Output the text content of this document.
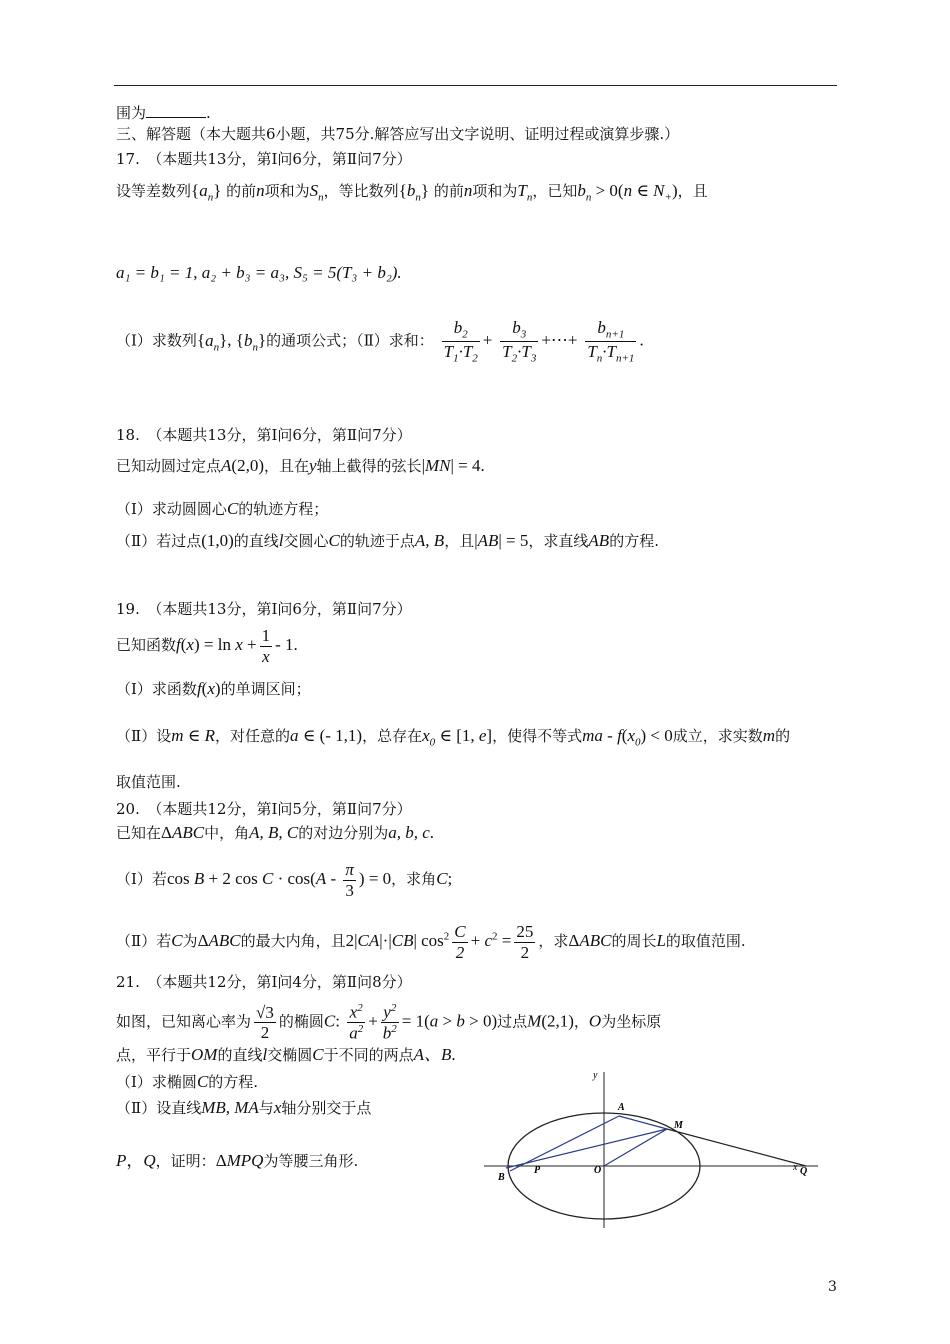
围为	.
三、解答题（本大题共6小题，共75分.解答应写出文字说明、证明过程或演算步骤.）
17.　（本题共13分，第Ⅰ问6分，第Ⅱ问7分）
设等差数列$\{a_n\}$ 的前n项和为$S_n$，等比数列$\{b_n\}$ 的前n项和为$T_n$，已知$b_n > 0(n$ ∈ $N_+$)，且
a₁ = b₁ = 1, a₂ + b₃ = a₃, S₅ = 5(T₃ + b₂).
（Ⅰ）求数列$\{a_n\}$, $\{b_n\}$的通项公式；（Ⅱ）求和： $\frac{b_2}{T_1\cdot T_2} + \frac{b_3}{T_2\cdot T_3}$ +⋯+ $\frac{b_{n+1}}{T_n\cdot T_{n+1}}$ .
18.　（本题共13分，第Ⅰ问6分，第Ⅱ问7分）
已知动圆过定点A(2,0)，且在y轴上截得的弦长|MN| = 4.
（Ⅰ）求动圆圆心C的轨迹方程；
（Ⅱ）若过点(1,0)的直线l交圆心C的轨迹于点A, B，且|AB| = 5，求直线AB的方程.
19.　（本题共13分，第Ⅰ问6分，第Ⅱ问7分）
已知函数$f(x) = \ln x + \frac{1}{x} - 1$.
（Ⅰ）求函数f(x)的单调区间；
（Ⅱ）设m ∈ R，对任意的a ∈ (- 1,1)，总存在$x_0$ ∈ [1, e]，使得不等式ma - $f(x_0) < 0$成立，求实数m的
取值范围.
20.　（本题共12分，第Ⅰ问5分，第Ⅱ问7分）
已知在ΔABC中，角A, B, C的对边分别为a, b, c.
（Ⅰ）若cos B + 2 $\cos C \cdot \cos(A - \frac{\pi}{3}$ ) = 0，求角C;
（Ⅱ）若C为ΔABC的最大内角，且2|CA|·|CB| $\cos^2 \frac{C}{2} + c^2 = \frac{25}{2}$ ，求ΔABC的周长L的取值范围.
21.　（本题共12分，第Ⅰ问4分，第Ⅱ问8分）
如图，已知离心率为 $\frac{√3}{2}$ 的椭圆C: $\frac{x^2}{a^2} + \frac{y^2}{b^2} = 1(a > b > 0)$过点M(2,1)，O为坐标原
点，平行于OM的直线l交椭圆C于不同的两点A、B.
（Ⅰ）求椭圆C的方程.
（Ⅱ）设直线MB, MA与x轴分别交于点
P，Q，证明：ΔMPQ为等腰三角形.
y
x
A
M
O
P	Q
B
3
